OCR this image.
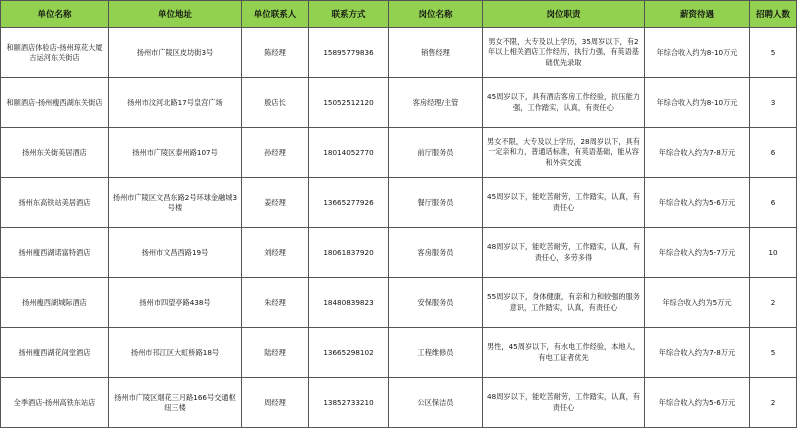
单位名称	单位地址	单位联系人	联系方式	岗位名称	岗位职责	薪资待遇	招聘人数
和颐酒店体验店-扬州琼花大厦古运河东关街店	扬州市广陵区皮坊街3号	陈经理	15895779836	销售经理	男女不限，大专及以上学历，35周岁以下，有2年以上相关酒店工作经历，执行力强，有英语基础优先录取	年综合收入约为8-10万元	5
和颐酒店-扬州瘦西湖东关街店	扬州市汶河北路17号皇宫广场	殷店长	15052512120	客房经理/主管	45周岁以下，具有酒店客房工作经验，抗压能力强，工作踏实，认真，有责任心	年综合收入约为8-10万元	3
扬州东关街美居酒店	扬州市广陵区泰州路107号	孙经理	18014052770	前厅服务员	男女不限，大专及以上学历，28周岁以下，具有一定亲和力，普通话标准，有英语基础，能从容和外宾交流	年综合收入约为7-8万元	6
扬州东高铁站美居酒店	扬州市广陵区文昌东路2号环球金融城3号楼	姜经理	13665277926	餐厅服务员	45周岁以下，能吃苦耐劳，工作踏实，认真，有责任心	年综合收入约为5-6万元	6
扬州瘦西湖诺富特酒店	扬州市文昌西路19号	刘经理	18061837920	客房服务员	48周岁以下，能吃苦耐劳，工作踏实，认真，有责任心，多劳多得	年综合收入约为5-7万元	10
扬州瘦西湖城际酒店	扬州市四望亭路438号	朱经理	18480839823	安保服务员	55周岁以下，身体健康，有亲和力和较强的服务意识，工作踏实，认真，有责任心	年综合收入约为5万元	2
扬州瘦西湖花间堂酒店	扬州市邗江区大虹桥路18号	陆经理	13665298102	工程维修员	男性，45周岁以下，有水电工作经验，本地人，有电工证者优先	年综合收入约为7-8万元	5
全季酒店-扬州高铁东站店	扬州市广陵区烟花三月路166号交通枢纽三楼	周经理	13852733210	公区保洁员	48周岁以下，能吃苦耐劳，工作踏实，认真，有责任心	年综合收入约为5-6万元	2
